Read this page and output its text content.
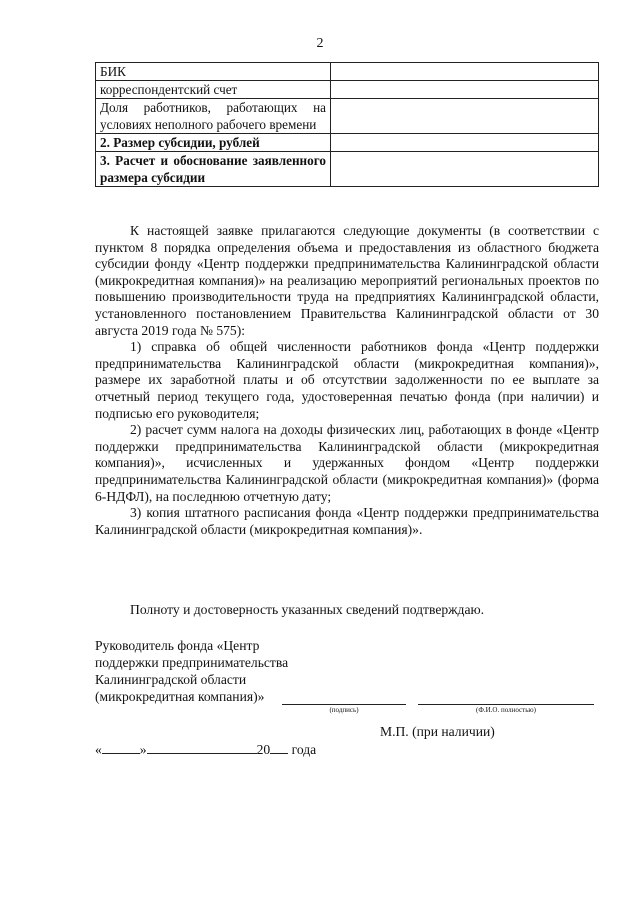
2
БИК	
корреспондентский счет	

Доля работников, работающих на условиях неполного рабочего времени	

2. Размер субсидии, рублей	

3. Расчет и обоснование заявленного размера субсидии	

К настоящей заявке прилагаются следующие документы (в соответствии с пунктом 8 порядка определения объема и предоставления из областного бюджета субсидии фонду «Центр поддержки предпринимательства Калининградской области (микрокредитная компания)» на реализацию мероприятий региональных проектов по повышению производительности труда на предприятиях Калининградской области, установленного постановлением Правительства Калининградской области от 30 августа 2019 года № 575):

1) справка об общей численности работников фонда «Центр поддержки предпринимательства Калининградской области (микрокредитная компания)», размере их заработной платы и об отсутствии задолженности по ее выплате за отчетный период текущего года, удостоверенная печатью фонда (при наличии) и подписью его руководителя;

2) расчет сумм налога на доходы физических лиц, работающих в фонде «Центр поддержки предпринимательства Калининградской области (микрокредитная компания)», исчисленных и удержанных фондом «Центр поддержки предпринимательства Калининградской области (микрокредитная компания)» (форма 6-НДФЛ), на последнюю отчетную дату;

3) копия штатного расписания фонда «Центр поддержки предпринимательства Калининградской области (микрокредитная компания)».

Полноту и достоверность указанных сведений подтверждаю.
Руководитель фонда «Центр
поддержки предпринимательства
Калининградской области
(микрокредитная компания)»
(подпись)	(Ф.И.О. полностью)
М.П. (при наличии)
«	»	20 года
